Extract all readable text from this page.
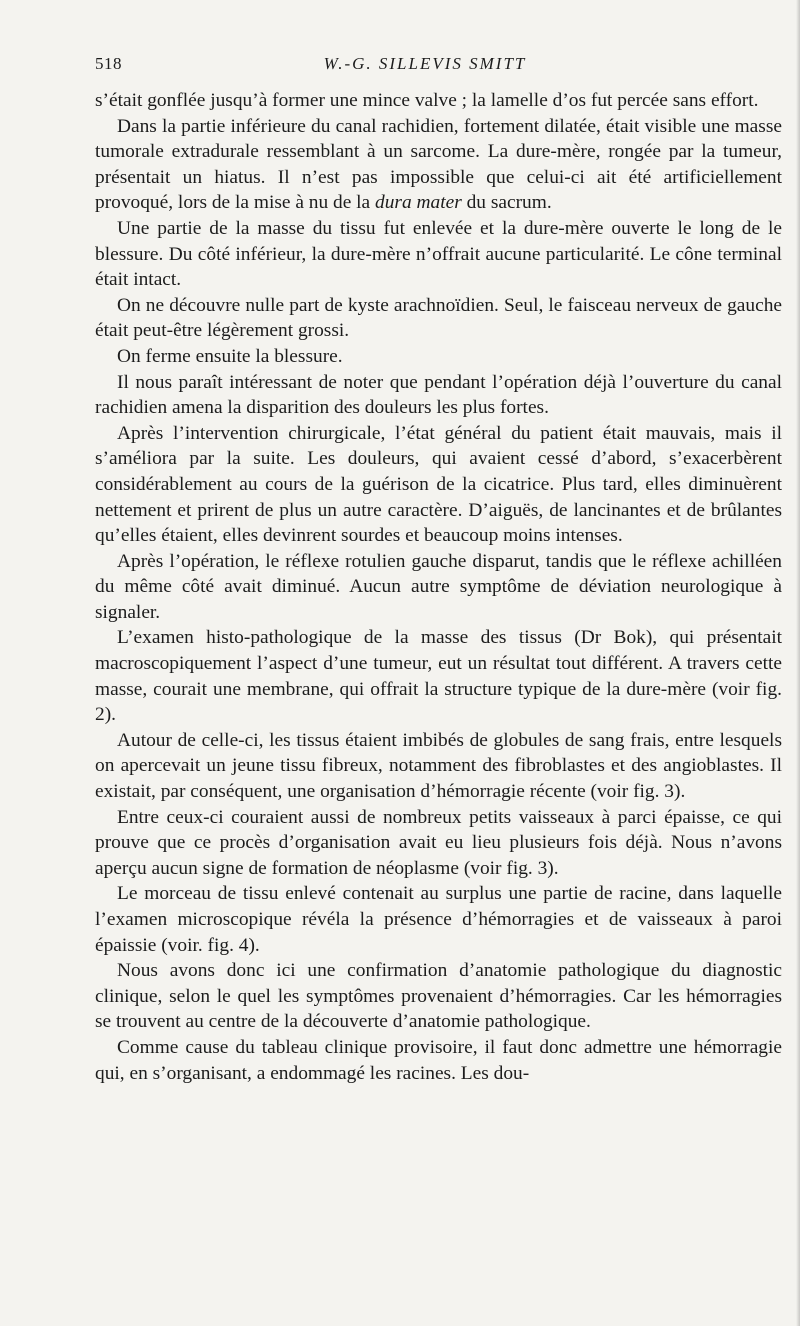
518	W.-G. SILLEVIS SMITT

s’était gonflée jusqu’à former une mince valve ; la lamelle d’os fut percée sans effort.

Dans la partie inférieure du canal rachidien, fortement dilatée, était visible une masse tumorale extradurale ressemblant à un sarcome. La dure-mère, rongée par la tumeur, présentait un hiatus. Il n’est pas impossible que celui-ci ait été artificiellement provoqué, lors de la mise à nu de la dura mater du sacrum.

Une partie de la masse du tissu fut enlevée et la dure-mère ouverte le long de le blessure. Du côté inférieur, la dure-mère n’offrait aucune particularité. Le cône terminal était intact.

On ne découvre nulle part de kyste arachnoïdien. Seul, le faisceau nerveux de gauche était peut-être légèrement grossi.

On ferme ensuite la blessure.

Il nous paraît intéressant de noter que pendant l’opération déjà l’ouverture du canal rachidien amena la disparition des douleurs les plus fortes.

Après l’intervention chirurgicale, l’état général du patient était mauvais, mais il s’améliora par la suite. Les douleurs, qui avaient cessé d’abord, s’exacerbèrent considérablement au cours de la guérison de la cicatrice. Plus tard, elles diminuèrent nettement et prirent de plus un autre caractère. D’aiguës, de lancinantes et de brûlantes qu’elles étaient, elles devinrent sourdes et beaucoup moins intenses.

Après l’opération, le réflexe rotulien gauche disparut, tandis que le réflexe achilléen du même côté avait diminué. Aucun autre symptôme de déviation neurologique à signaler.

L’examen histo-pathologique de la masse des tissus (Dr Bok), qui présentait macroscopiquement l’aspect d’une tumeur, eut un résultat tout différent. A travers cette masse, courait une membrane, qui offrait la structure typique de la dure-mère (voir fig. 2).

Autour de celle-ci, les tissus étaient imbibés de globules de sang frais, entre lesquels on apercevait un jeune tissu fibreux, notamment des fibroblastes et des angioblastes. Il existait, par conséquent, une organisation d’hémorragie récente (voir fig. 3).

Entre ceux-ci couraient aussi de nombreux petits vaisseaux à parci épaisse, ce qui prouve que ce procès d’organisation avait eu lieu plusieurs fois déjà. Nous n’avons aperçu aucun signe de formation de néoplasme (voir fig. 3).

Le morceau de tissu enlevé contenait au surplus une partie de racine, dans laquelle l’examen microscopique révéla la présence d’hémorragies et de vaisseaux à paroi épaissie (voir. fig. 4).

Nous avons donc ici une confirmation d’anatomie pathologique du diagnostic clinique, selon le quel les symptômes provenaient d’hémorragies. Car les hémorragies se trouvent au centre de la découverte d’anatomie pathologique.

Comme cause du tableau clinique provisoire, il faut donc admettre une hémorragie qui, en s’organisant, a endommagé les racines. Les dou-
